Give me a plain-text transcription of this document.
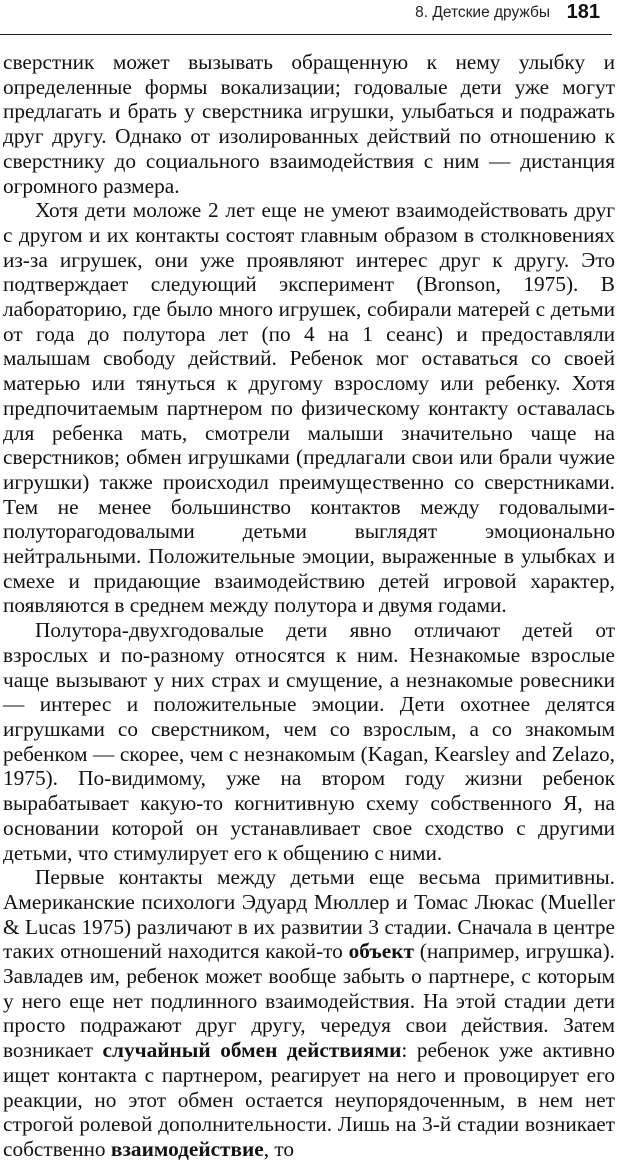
8. Детские дружбы 181

сверстник может вызывать обращенную к нему улыбку и определенные формы вокализации; годовалые дети уже могут предлагать и брать у сверстника игрушки, улыбаться и подражать друг другу. Однако от изолированных действий по отношению к сверстнику до социального взаимодействия с ним — дистанция огромного размера.

Хотя дети моложе 2 лет еще не умеют взаимодействовать друг с другом и их контакты состоят главным образом в столкновениях из-за игрушек, они уже проявляют интерес друг к другу. Это подтверждает следующий эксперимент (Bronson, 1975). В лабораторию, где было много игрушек, собирали матерей с детьми от года до полутора лет (по 4 на 1 сеанс) и предоставляли малышам свободу действий. Ребенок мог оставаться со своей матерью или тянуться к другому взрослому или ребенку. Хотя предпочитаемым партнером по физическому контакту оставалась для ребенка мать, смотрели малыши значительно чаще на сверстников; обмен игрушками (предлагали свои или брали чужие игрушки) также происходил преимущественно со сверстниками. Тем не менее большинство контактов между годовалыми-полуторагодовалыми детьми выглядят эмоционально нейтральными. Положительные эмоции, выраженные в улыбках и смехе и придающие взаимодействию детей игровой характер, появляются в среднем между полутора и двумя годами.

Полутора-двухгодовалые дети явно отличают детей от взрослых и по-разному относятся к ним. Незнакомые взрослые чаще вызывают у них страх и смущение, а незнакомые ровесники — интерес и положительные эмоции. Дети охотнее делятся игрушками со сверстником, чем со взрослым, а со знакомым ребенком — скорее, чем с незнакомым (Kagan, Kearsley and Zelazo, 1975). По-видимому, уже на втором году жизни ребенок вырабатывает какую-то когнитивную схему собственного Я, на основании которой он устанавливает свое сходство с другими детьми, что стимулирует его к общению с ними.

Первые контакты между детьми еще весьма примитивны. Американские психологи Эдуард Мюллер и Томас Люкас (Mueller & Lucas 1975) различают в их развитии 3 стадии. Сначала в центре таких отношений находится какой-то объект (например, игрушка). Завладев им, ребенок может вообще забыть о партнере, с которым у него еще нет подлинного взаимодействия. На этой стадии дети просто подражают друг другу, чередуя свои действия. Затем возникает случайный обмен действиями: ребенок уже активно ищет контакта с партнером, реагирует на него и провоцирует его реакции, но этот обмен остается неупорядоченным, в нем нет строгой ролевой дополнительности. Лишь на 3-й стадии возникает собственно взаимодействие, то
